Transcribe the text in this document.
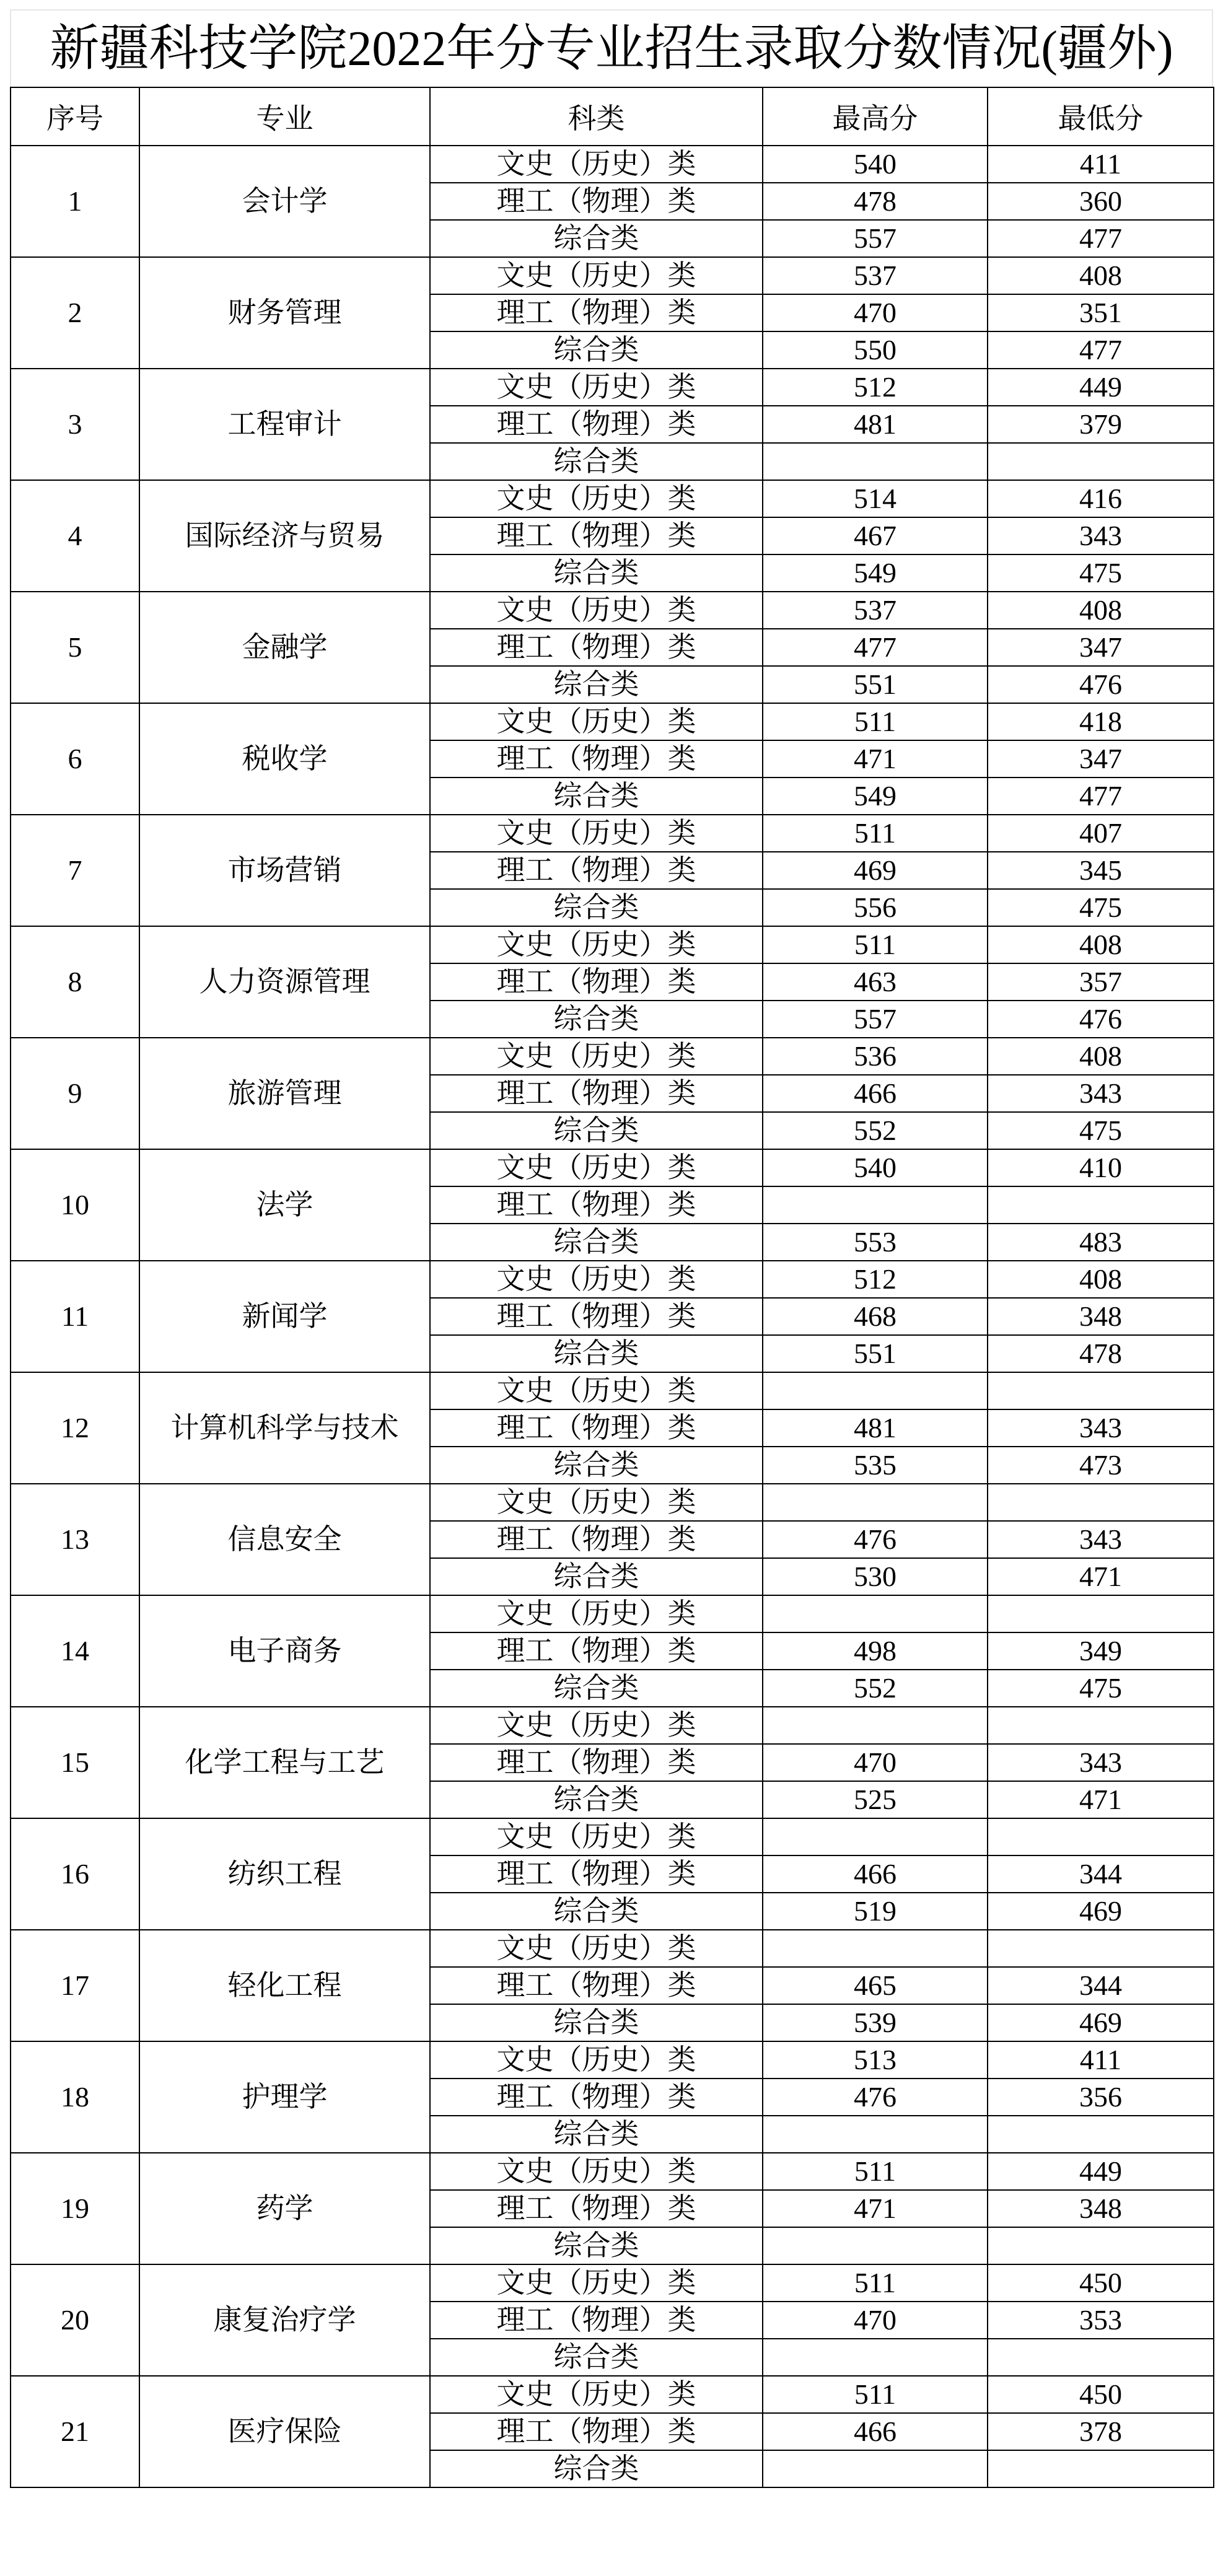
新疆科技学院2022年分专业招生录取分数情况(疆外)
序号	专业	科类	最高分	最低分
1	会计学	文史（历史）类	540	411
		理工（物理）类	478	360
		综合类	557	477
2	财务管理	文史（历史）类	537	408
		理工（物理）类	470	351
		综合类	550	477
3	工程审计	文史（历史）类	512	449
		理工（物理）类	481	379
		综合类		
4	国际经济与贸易	文史（历史）类	514	416
		理工（物理）类	467	343
		综合类	549	475
5	金融学	文史（历史）类	537	408
		理工（物理）类	477	347
		综合类	551	476
6	税收学	文史（历史）类	511	418
		理工（物理）类	471	347
		综合类	549	477
7	市场营销	文史（历史）类	511	407
		理工（物理）类	469	345
		综合类	556	475
8	人力资源管理	文史（历史）类	511	408
		理工（物理）类	463	357
		综合类	557	476
9	旅游管理	文史（历史）类	536	408
		理工（物理）类	466	343
		综合类	552	475
10	法学	文史（历史）类	540	410
		理工（物理）类		
		综合类	553	483
11	新闻学	文史（历史）类	512	408
		理工（物理）类	468	348
		综合类	551	478
12	计算机科学与技术	文史（历史）类		
		理工（物理）类	481	343
		综合类	535	473
13	信息安全	文史（历史）类		
		理工（物理）类	476	343
		综合类	530	471
14	电子商务	文史（历史）类		
		理工（物理）类	498	349
		综合类	552	475
15	化学工程与工艺	文史（历史）类		
		理工（物理）类	470	343
		综合类	525	471
16	纺织工程	文史（历史）类		
		理工（物理）类	466	344
		综合类	519	469
17	轻化工程	文史（历史）类		
		理工（物理）类	465	344
		综合类	539	469
18	护理学	文史（历史）类	513	411
		理工（物理）类	476	356
		综合类		
19	药学	文史（历史）类	511	449
		理工（物理）类	471	348
		综合类		
20	康复治疗学	文史（历史）类	511	450
		理工（物理）类	470	353
		综合类		
21	医疗保险	文史（历史）类	511	450
		理工（物理）类	466	378
		综合类		
